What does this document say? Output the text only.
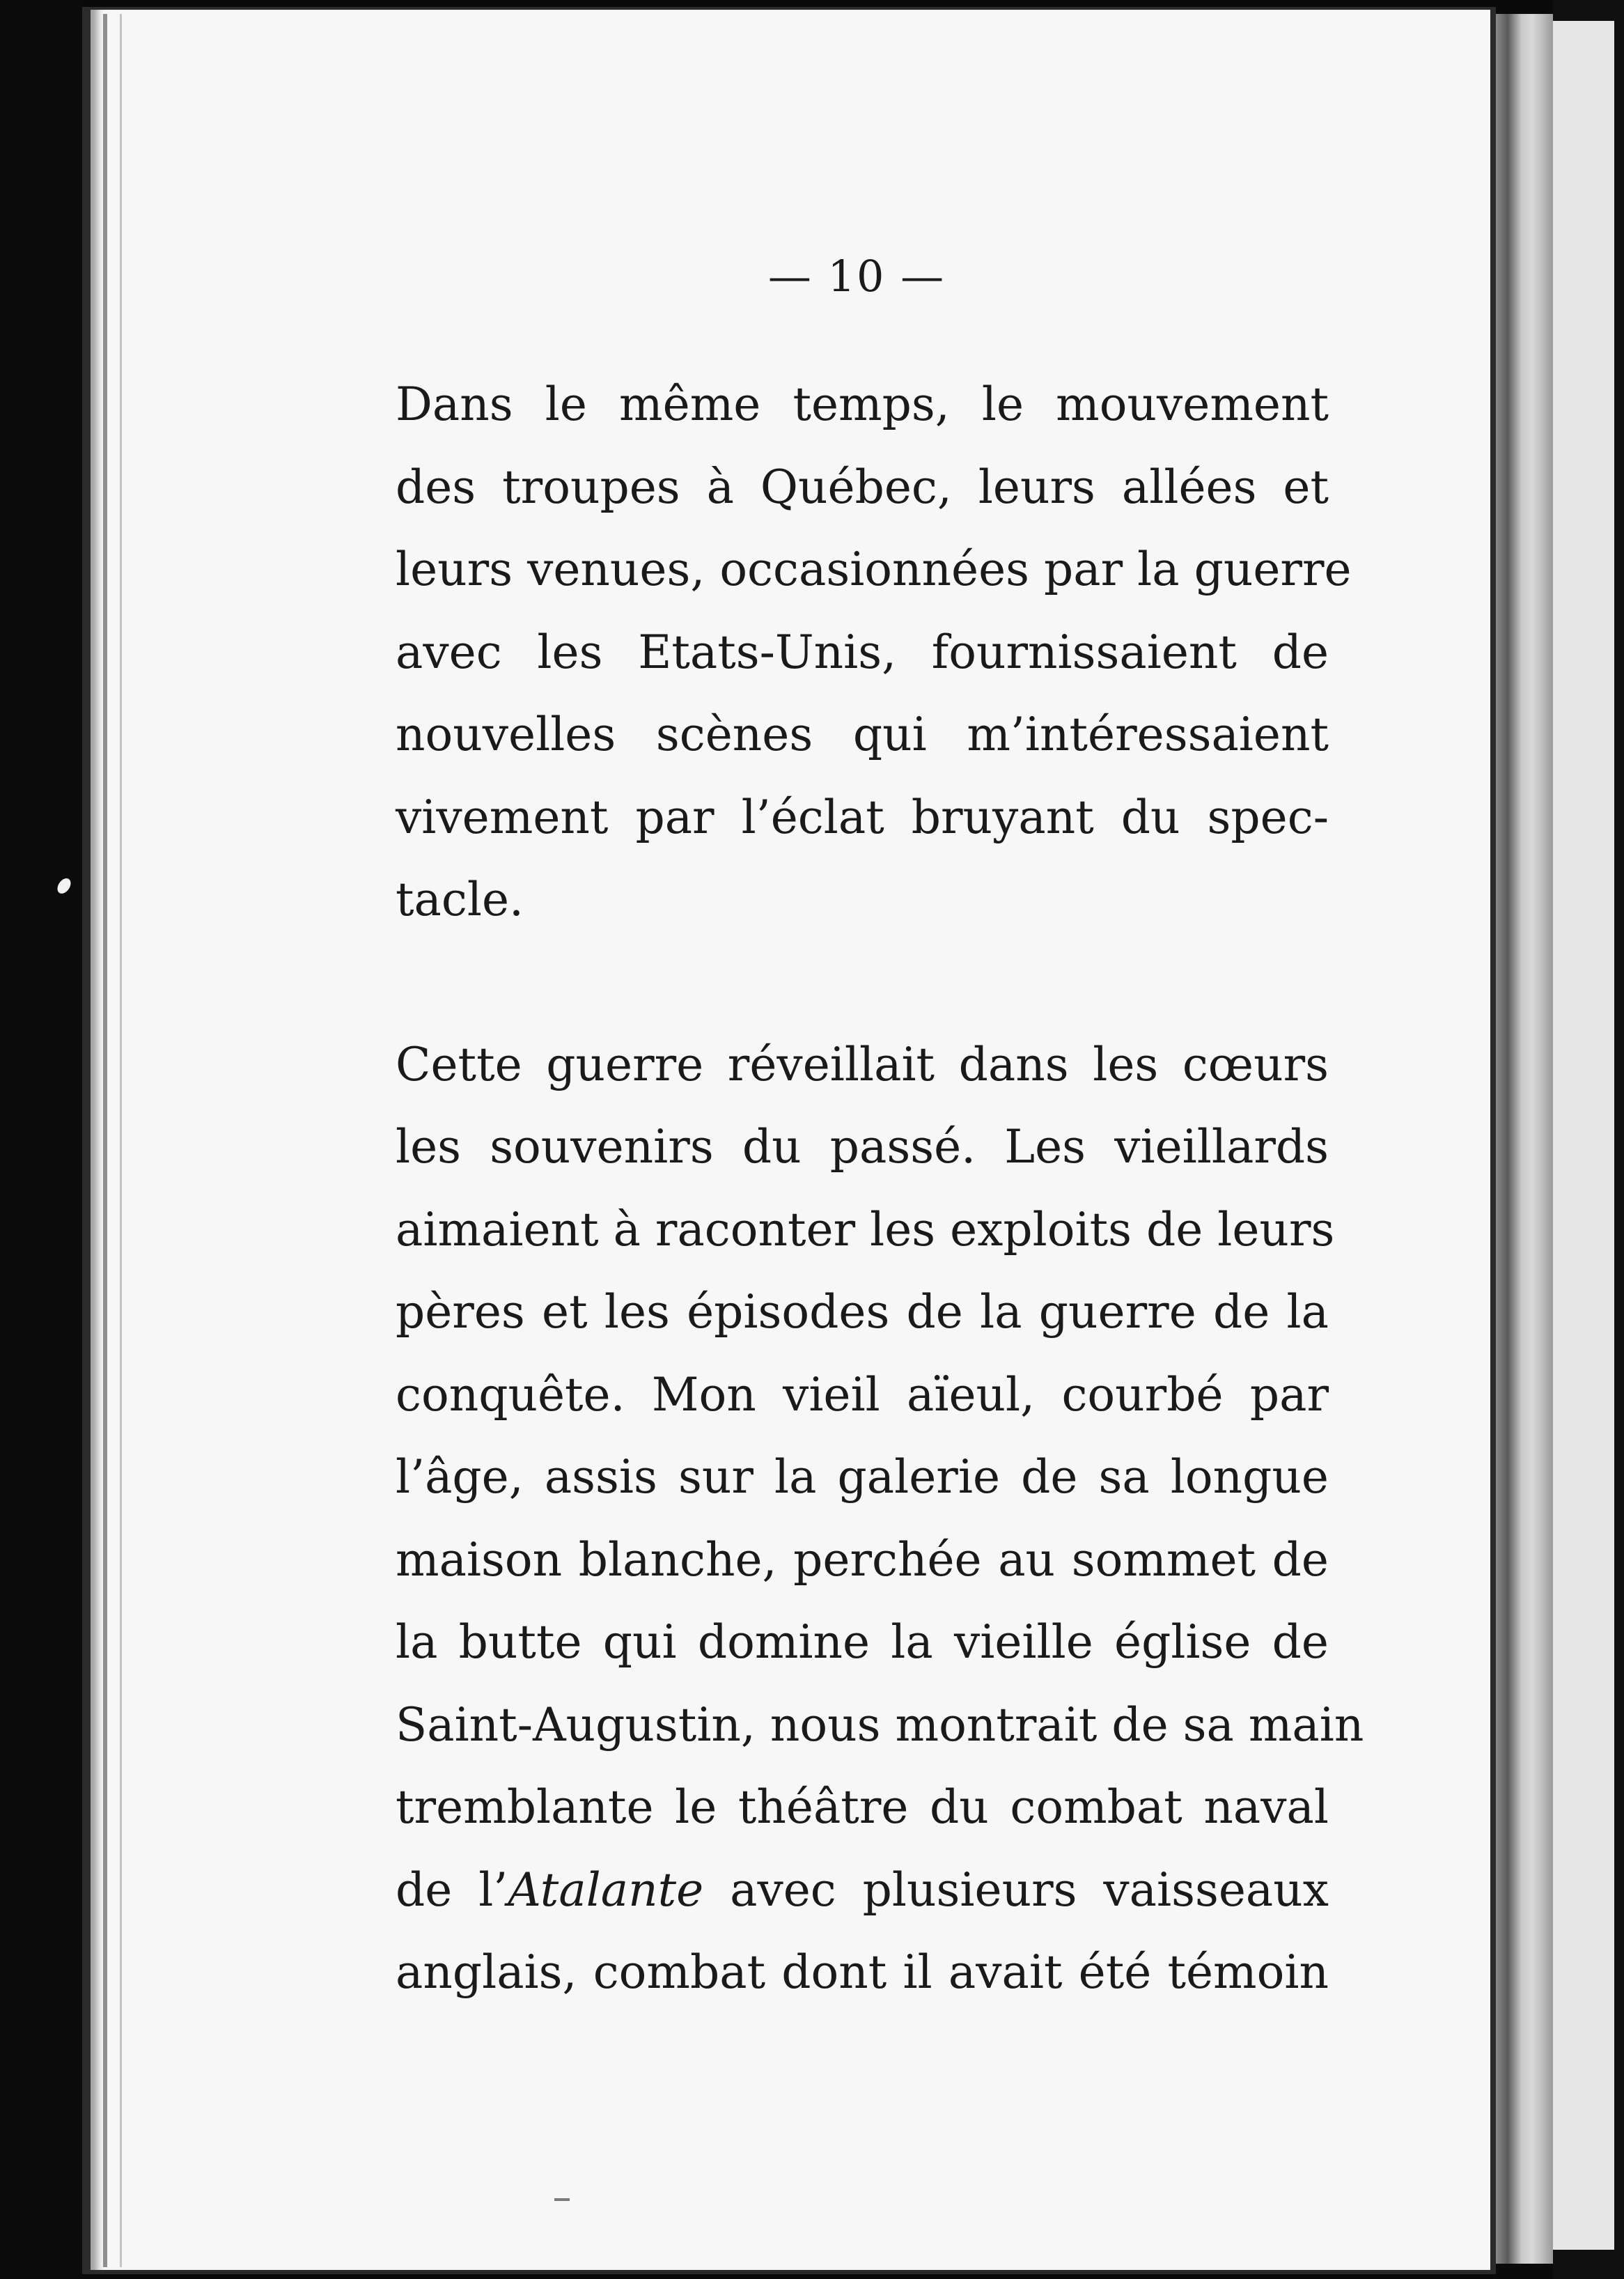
— 10 —
Dans le même temps, le mouvement
des troupes à Québec, leurs allées et
leurs venues, occasionnées par la guerre
avec les Etats-Unis, fournissaient de
nouvelles scènes qui m’intéressaient
vivement par l’éclat bruyant du spec-
tacle.
Cette guerre réveillait dans les cœurs
les souvenirs du passé. Les vieillards
aimaient à raconter les exploits de leurs
pères et les épisodes de la guerre de la
conquête. Mon vieil aïeul, courbé par
l’âge, assis sur la galerie de sa longue
maison blanche, perchée au sommet de
la butte qui domine la vieille église de
Saint-Augustin, nous montrait de sa main
tremblante le théâtre du combat naval
de l’Atalante avec plusieurs vaisseaux
anglais, combat dont il avait été témoin
